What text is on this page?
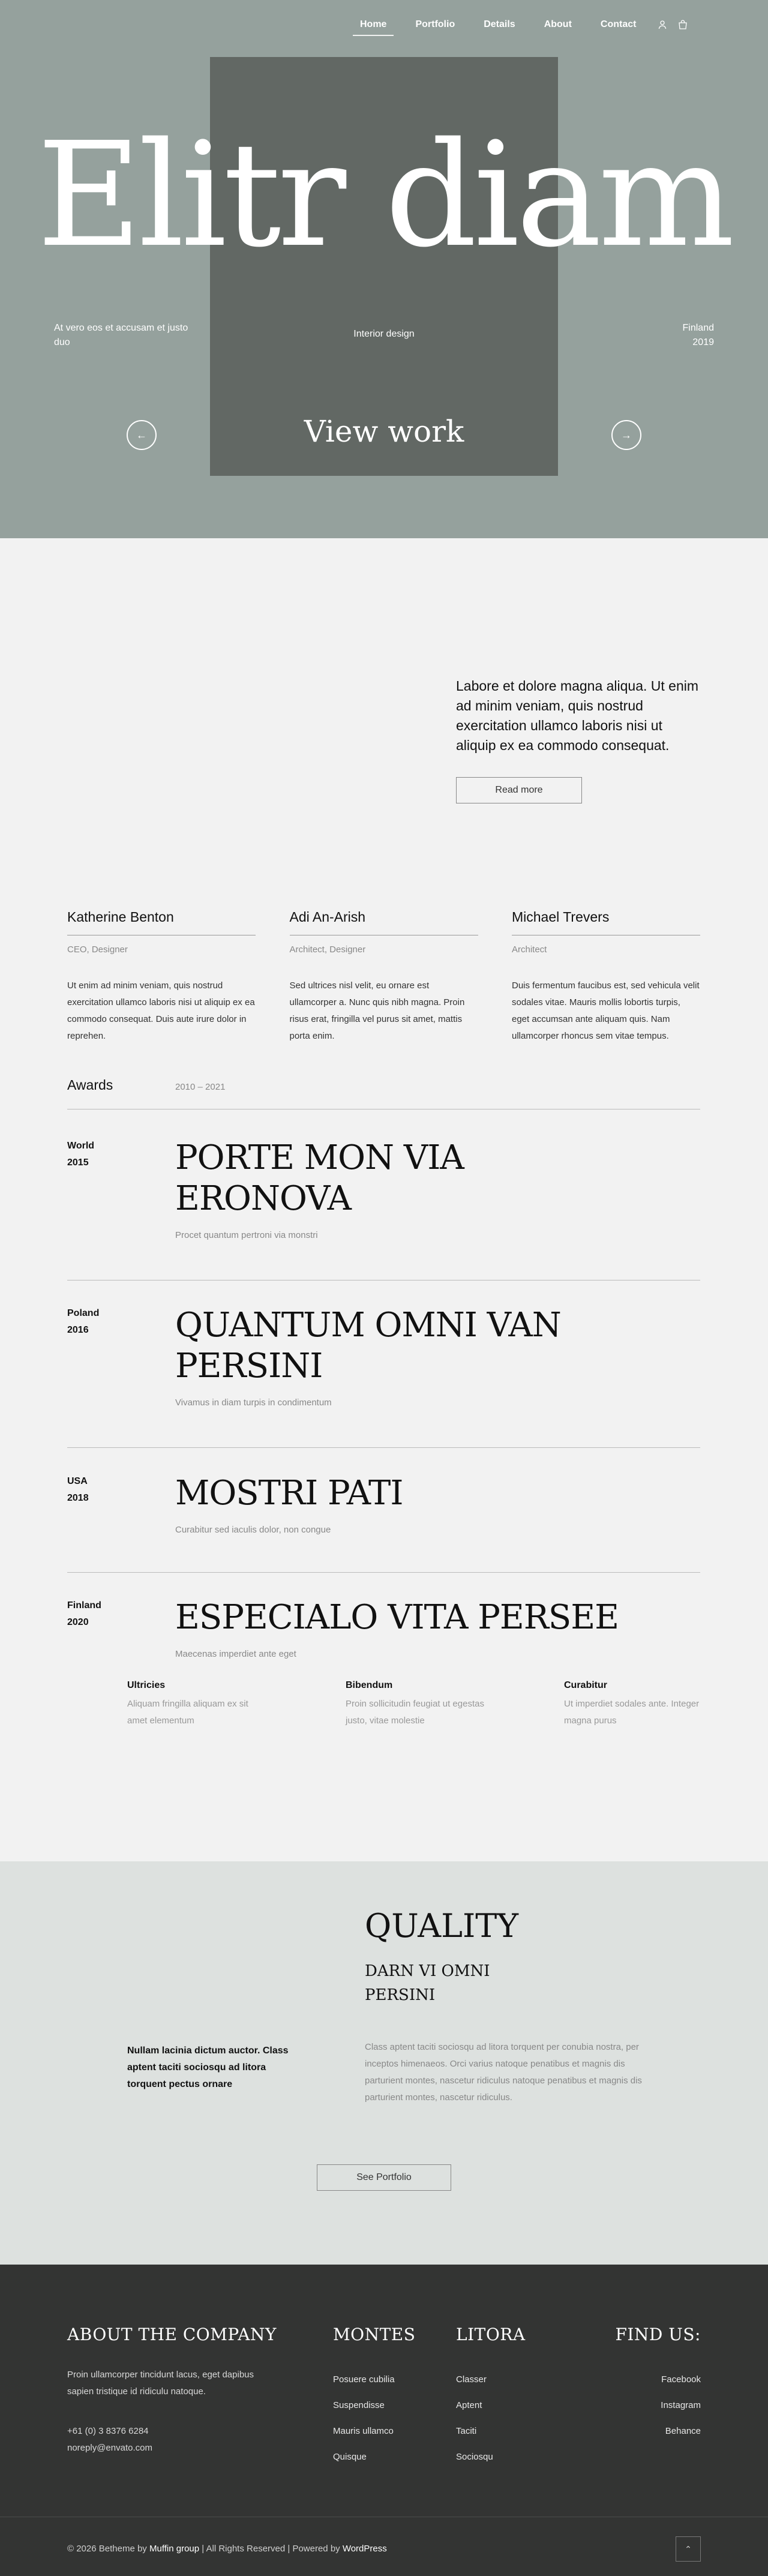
Home	Portfolio	Details	About	Contact
Elitr diam
At vero eos et accusam et justo duo
Interior design
Finland
2019
←	View work	→

Labore et dolore magna aliqua. Ut enim ad minim veniam, quis nostrud exercitation ullamco laboris nisi ut aliquip ex ea commodo consequat.

Read more
Katherine Benton
CEO, Designer
Ut enim ad minim veniam, quis nostrud exercitation ullamco laboris nisi ut aliquip ex ea commodo consequat. Duis aute irure dolor in reprehen.
Adi An-Arish
Architect, Designer
Sed ultrices nisl velit, eu ornare est ullamcorper a. Nunc quis nibh magna. Proin risus erat, fringilla vel purus sit amet, mattis porta enim.
Michael Trevers
Architect
Duis fermentum faucibus est, sed vehicula velit sodales vitae. Mauris mollis lobortis turpis, eget accumsan ante aliquam quis. Nam ullamcorper rhoncus sem vitae tempus.
Awards	2010 – 2021
World
2015	PORTE MON VIA ERONOVA
Procet quantum pertroni via monstri
Poland
2016	QUANTUM OMNI VAN PERSINI
Vivamus in diam turpis in condimentum
USA
2018	MOSTRI PATI
Curabitur sed iaculis dolor, non congue
Finland
2020	ESPECIALO VITA PERSEE
Maecenas imperdiet ante eget
Ultricies
Aliquam fringilla aliquam ex sit amet elementum
Bibendum
Proin sollicitudin feugiat ut egestas justo, vitae molestie
Curabitur
Ut imperdiet sodales ante. Integer magna purus
QUALITY
DARN VI OMNI
PERSINI
Nullam lacinia dictum auctor. Class aptent taciti sociosqu ad litora torquent pectus ornare
Class aptent taciti sociosqu ad litora torquent per conubia nostra, per inceptos himenaeos. Orci varius natoque penatibus et magnis dis parturient montes, nascetur ridiculus natoque penatibus et magnis dis parturient montes, nascetur ridiculus.
See Portfolio
ABOUT THE COMPANY
Proin ullamcorper tincidunt lacus, eget dapibus sapien tristique id ridiculu natoque.
+61 (0) 3 8376 6284
noreply@envato.com
MONTES
Posuere cubilia
Suspendisse
Mauris ullamco
Quisque
LITORA
Classer
Aptent
Taciti
Sociosqu
FIND US:
Facebook
Instagram
Behance
© 2026 Betheme by Muffin group | All Rights Reserved | Powered by WordPress	⌃
